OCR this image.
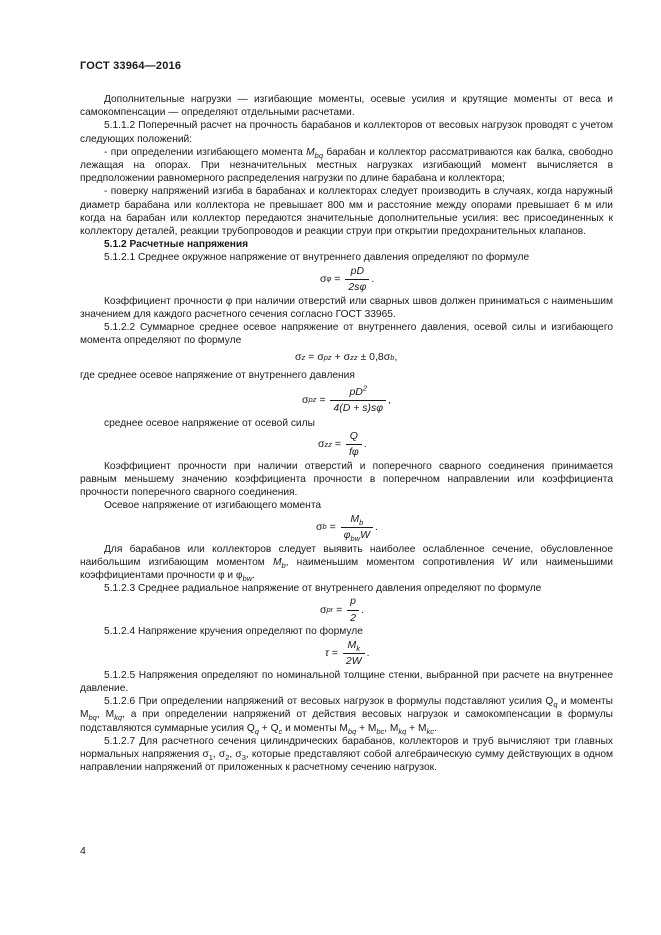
ГОСТ 33964—2016

Дополнительные нагрузки — изгибающие моменты, осевые усилия и крутящие моменты от веса и самокомпенсации — определяют отдельными расчетами.

5.1.1.2 Поперечный расчет на прочность барабанов и коллекторов от весовых нагрузок проводят с учетом следующих положений:

- при определении изгибающего момента $M_{bq}$ барабан и коллектор рассматриваются как балка, свободно лежащая на опорах. При незначительных местных нагрузках изгибающий момент вычисляется в предположении равномерного распределения нагрузки по длине барабана и коллектора;

- поверку напряжений изгиба в барабанах и коллекторах следует производить в случаях, когда наружный диаметр барабана или коллектора не превышает 800 мм и расстояние между опорами превышает 6 м или когда на барабан или коллектор передаются значительные дополнительные усилия: вес присоединенных к коллектору деталей, реакции трубопроводов и реакции струи при открытии предохранительных клапанов.

5.1.2 Расчетные напряжения

5.1.2.1 Среднее окружное напряжение от внутреннего давления определяют по формуле

σ $\varphi = \frac{pD}{2s\varphi}$ .

Коэффициент прочности φ при наличии отверстий или сварных швов должен приниматься с наименьшим значением для каждого расчетного сечения согласно ГОСТ 33965.

5.1.2.2 Суммарное среднее осевое напряжение от внутреннего давления, осевой силы и изгибающего момента определяют по формуле

σ z = σ pz + σ zz ± 0,8σ b ,

где среднее осевое напряжение от внутреннего давления

σ pz = $\frac{pD^2}{4(D + s)s\varphi}$ ,

среднее осевое напряжение от осевой силы

σ zz = $\frac{Q}{f\varphi}$ .

Коэффициент прочности при наличии отверстий и поперечного сварного соединения принимается равным меньшему значению коэффициента прочности в поперечном направлении или коэффициента прочности поперечного сварного соединения.

Осевое напряжение от изгибающего момента

σ $b = \frac{M_b}{\varphi_{bw}W}$ .

Для барабанов или коллекторов следует выявить наиболее ослабленное сечение, обусловленное наибольшим изгибающим моментом $M_b$, наименьшим моментом сопротивления W или наименьшими коэффициентами прочности φ и $\varphi_{bw}$.

5.1.2.3 Среднее радиальное напряжение от внутреннего давления определяют по формуле

σ pr = $\frac{p}{2}$ .

5.1.2.4 Напряжение кручения определяют по формуле

$\tau = \frac{M_k}{2W}$ .

5.1.2.5 Напряжения определяют по номинальной толщине стенки, выбранной при расчете на внутреннее давление.

5.1.2.6 При определении напряжений от весовых нагрузок в формулы подставляют усилия $Q_q$ и моменты $M_{bq}$, $M_{kq}$, а при определении напряжений от действия весовых нагрузок и самокомпенсации в формулы подставляются суммарные усилия $Q_q + Q_c$ и моменты $M_{bq} + M_{bc}$, $M_{kq} + M_{kc}$.

5.1.2.7 Для расчетного сечения цилиндрических барабанов, коллекторов и труб вычисляют три главных нормальных напряжения $\sigma_1$, $\sigma_2$, $\sigma_3$, которые представляют собой алгебраическую сумму действующих в одном направлении напряжений от приложенных к расчетному сечению нагрузок.

4
